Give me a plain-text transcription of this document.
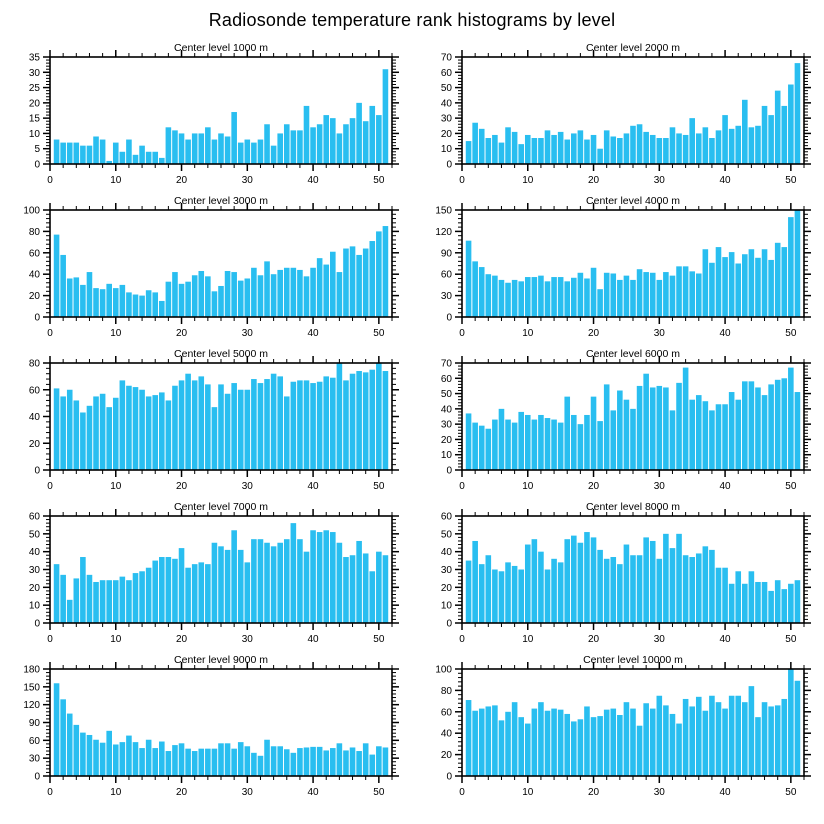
Radiosonde temperature rank histograms by level
Center level 1000 m
0
5
10
15
20
25
30
35
0	10	20	30	40	50
Center level 2000 m
0
10
20
30
40
50
60
70
0	10	20	30	40	50
Center level 3000 m
0
20
40
60
80
100
0	10	20	30	40	50
Center level 4000 m
0
30
60
90
120
150
0	10	20	30	40	50
Center level 5000 m
0
20
40
60
80
0	10	20	30	40	50
Center level 6000 m
0
10
20
30
40
50
60
70
0	10	20	30	40	50
Center level 7000 m
0
10
20
30
40
50
60
0	10	20	30	40	50
Center level 8000 m
0
10
20
30
40
50
60
0	10	20	30	40	50
Center level 9000 m
0
30
60
90
120
150
180
0	10	20	30	40	50
Center level 10000 m
0
20
40
60
80
100
0	10	20	30	40	50
